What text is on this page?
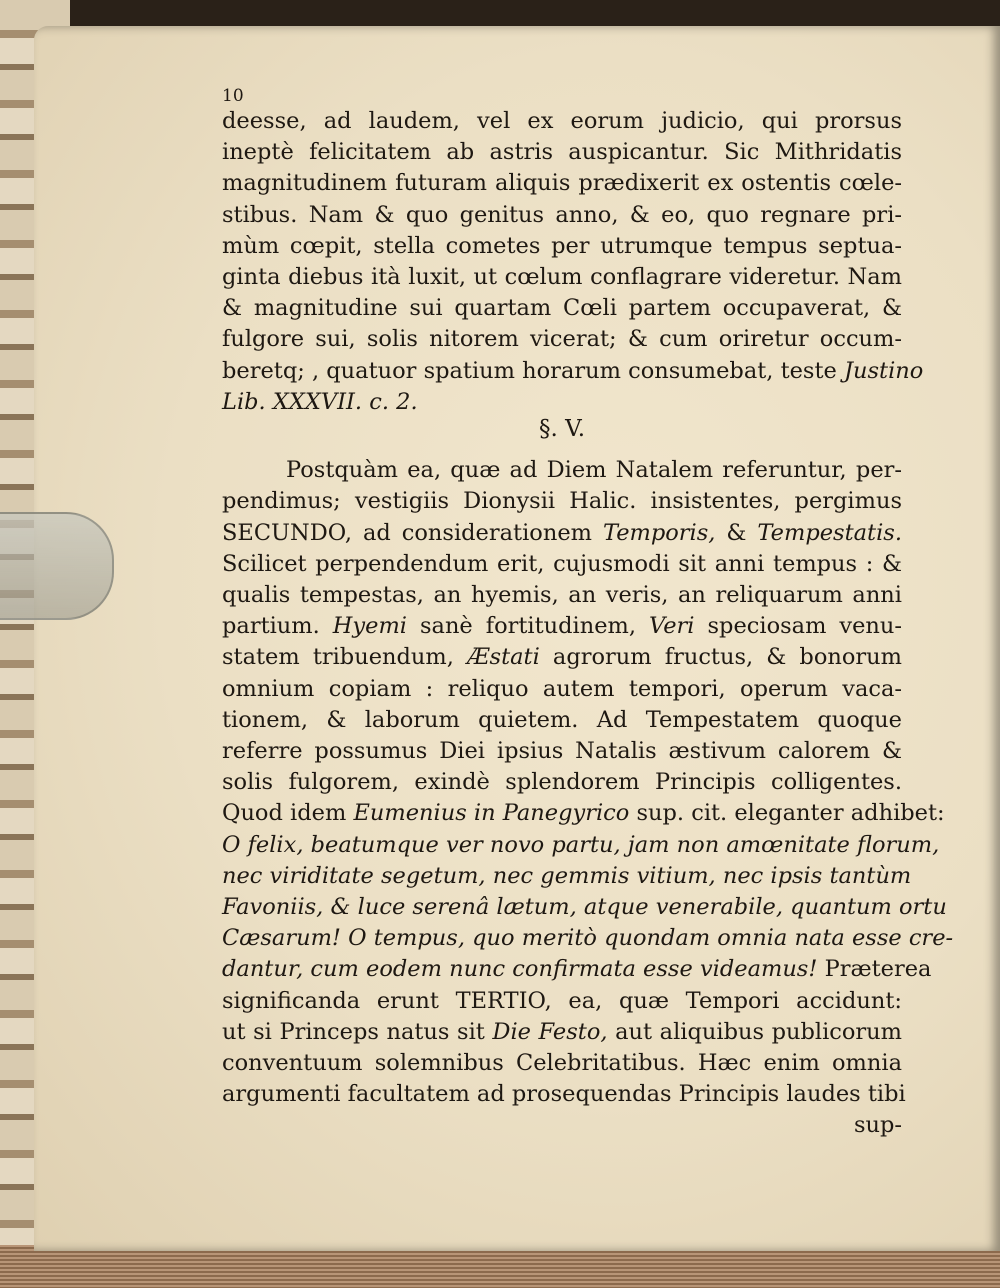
10
deesse, ad laudem, vel ex eorum judicio, qui prorsus
ineptè felicitatem ab astris auspicantur. Sic Mithridatis
magnitudinem futuram aliquis prædixerit ex ostentis cœle-
stibus. Nam & quo genitus anno, & eo, quo regnare pri-
mùm cœpit, stella cometes per utrumque tempus septua-
ginta diebus ità luxit, ut cœlum conflagrare videretur. Nam
& magnitudine sui quartam Cœli partem occupaverat, &
fulgore sui, solis nitorem vicerat; & cum oriretur occum-
beretq; , quatuor spatium horarum consumebat, teste Justino
Lib. XXXVII. c. 2.
§. V.
Postquàm ea, quæ ad Diem Natalem referuntur, per-
pendimus; vestigiis Dionysii Halic. insistentes, pergimus
SECUNDO, ad considerationem Temporis, & Tempestatis.
Scilicet perpendendum erit, cujusmodi sit anni tempus : &
qualis tempestas, an hyemis, an veris, an reliquarum anni
partium. Hyemi sanè fortitudinem, Veri speciosam venu-
statem tribuendum, Æstati agrorum fructus, & bonorum
omnium copiam : reliquo autem tempori, operum vaca-
tionem, & laborum quietem. Ad Tempestatem quoque
referre possumus Diei ipsius Natalis æstivum calorem &
solis fulgorem, exindè splendorem Principis colligentes.
Quod idem Eumenius in Panegyrico sup. cit. eleganter adhibet:
O felix, beatumque ver novo partu, jam non amœnitate florum,
nec viriditate segetum, nec gemmis vitium, nec ipsis tantùm
Favoniis, & luce serenâ lætum, atque venerabile, quantum ortu
Cæsarum! O tempus, quo meritò quondam omnia nata esse cre-
dantur, cum eodem nunc confirmata esse videamus! Præterea
significanda erunt TERTIO, ea, quæ Tempori accidunt:
ut si Princeps natus sit Die Festo, aut aliquibus publicorum
conventuum solemnibus Celebritatibus. Hæc enim omnia
argumenti facultatem ad prosequendas Principis laudes tibi
sup-
